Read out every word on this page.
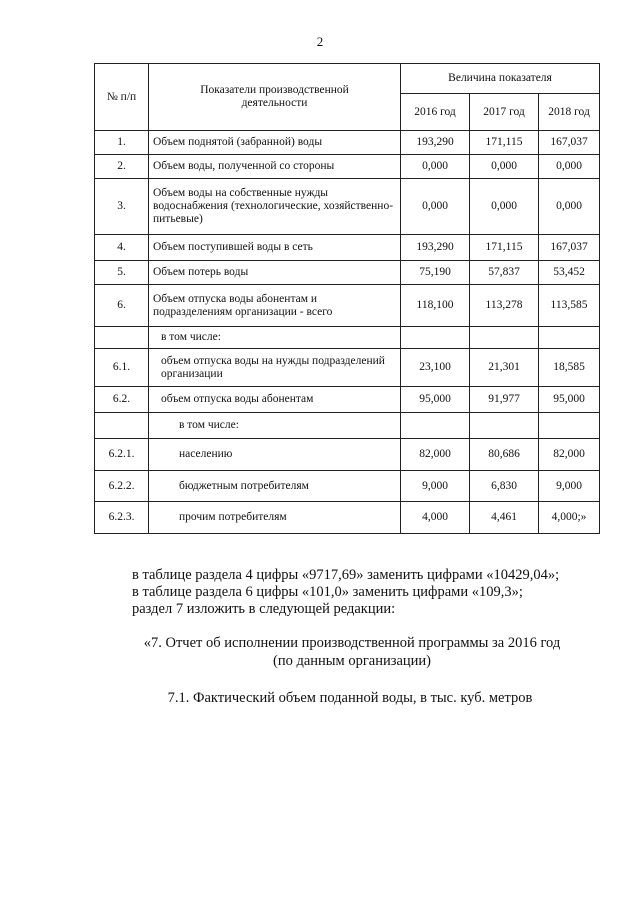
2
№ п/п	Показатели производственной деятельности	Величина показателя		
		2016 год	2017 год	2018 год
1.	Объем поднятой (забранной) воды	193,290	171,115	167,037
2.	Объем воды, полученной со стороны	0,000	0,000	0,000
3.	Объем воды на собственные нужды водоснабжения (технологические, хозяйственно-питьевые)	0,000	0,000	0,000
4.	Объем поступившей воды в сеть	193,290	171,115	167,037
5.	Объем потерь воды	75,190	57,837	53,452
6.	Объем отпуска воды абонентам и подразделениям организации - всего	118,100	113,278	113,585
	в том числе:			
6.1.	объем отпуска воды на нужды подразделений организации	23,100	21,301	18,585
6.2.	объем отпуска воды абонентам	95,000	91,977	95,000
	в том числе:			
6.2.1.	населению	82,000	80,686	82,000
6.2.2.	бюджетным потребителям	9,000	6,830	9,000
6.2.3.	прочим потребителям	4,000	4,461	4,000;»
в таблице раздела 4 цифры «9717,69» заменить цифрами «10429,04»;
в таблице раздела 6 цифры «101,0» заменить цифрами «109,3»;
раздел 7 изложить в следующей редакции:
«7. Отчет об исполнении производственной программы за 2016 год
(по данным организации)
7.1. Фактический объем поданной воды, в тыс. куб. метров
